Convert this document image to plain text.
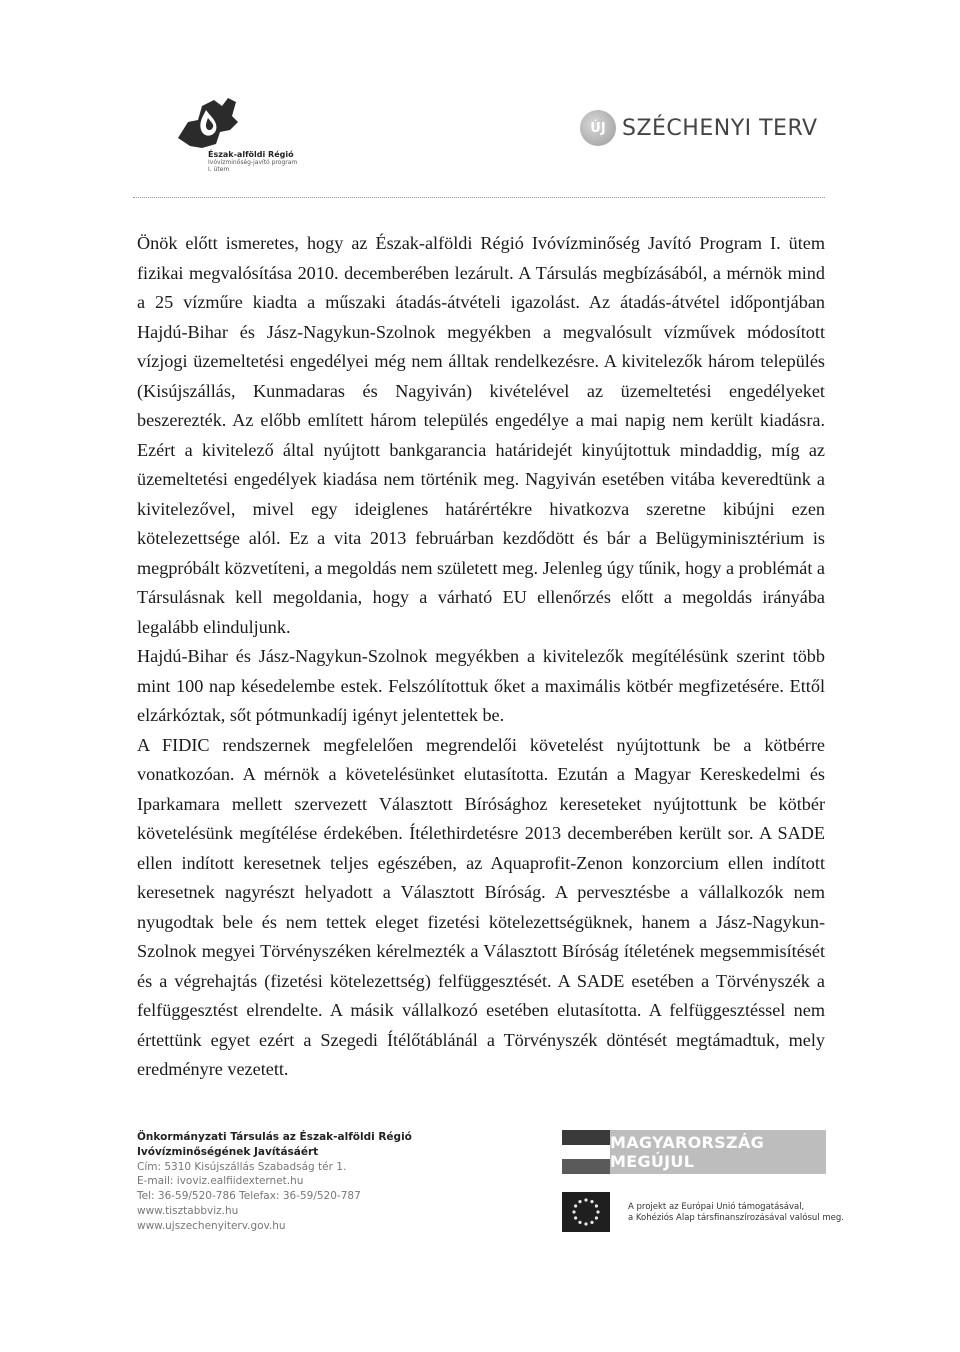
Észak-alföldi Régió
Ivóvízminőség-javító program
I. ütem
ÚJ SZÉCHENYI TERV
Önök előtt ismeretes, hogy az Észak-alföldi Régió Ivóvízminőség Javító Program I. ütem fizikai megvalósítása 2010. decemberében lezárult. A Társulás megbízásából, a mérnök mind a 25 vízműre kiadta a műszaki átadás-átvételi igazolást. Az átadás-átvétel időpontjában Hajdú-Bihar és Jász-Nagykun-Szolnok megyékben a megvalósult vízművek módosított vízjogi üzemeltetési engedélyei még nem álltak rendelkezésre. A kivitelezők három település (Kisújszállás, Kunmadaras és Nagyiván) kivételével az üzemeltetési engedélyeket beszerezték. Az előbb említett három település engedélye a mai napig nem került kiadásra. Ezért a kivitelező által nyújtott bankgarancia határidejét kinyújtottuk mindaddig, míg az üzemeltetési engedélyek kiadása nem történik meg. Nagyiván esetében vitába keveredtünk a kivitelezővel, mivel egy ideiglenes határértékre hivatkozva szeretne kibújni ezen kötelezettsége alól. Ez a vita 2013 februárban kezdődött és bár a Belügyminisztérium is megpróbált közvetíteni, a megoldás nem született meg. Jelenleg úgy tűnik, hogy a problémát a Társulásnak kell megoldania, hogy a várható EU ellenőrzés előtt a megoldás irányába legalább elinduljunk.
Hajdú-Bihar és Jász-Nagykun-Szolnok megyékben a kivitelezők megítélésünk szerint több mint 100 nap késedelembe estek. Felszólítottuk őket a maximális kötbér megfizetésére. Ettől elzárkóztak, sőt pótmunkadíj igényt jelentettek be.
A FIDIC rendszernek megfelelően megrendelői követelést nyújtottunk be a kötbérre vonatkozóan. A mérnök a követelésünket elutasította. Ezután a Magyar Kereskedelmi és Iparkamara mellett szervezett Választott Bírósághoz kereseteket nyújtottunk be kötbér követelésünk megítélése érdekében. Ítélethirdetésre 2013 decemberében került sor. A SADE ellen indított keresetnek teljes egészében, az Aquaprofit-Zenon konzorcium ellen indított keresetnek nagyrészt helyadott a Választott Bíróság. A pervesztésbe a vállalkozók nem nyugodtak bele és nem tettek eleget fizetési kötelezettségüknek, hanem a Jász-Nagykun-Szolnok megyei Törvényszéken kérelmezték a Választott Bíróság ítéletének megsemmisítését és a végrehajtás (fizetési kötelezettség) felfüggesztését. A SADE esetében a Törvényszék a felfüggesztést elrendelte. A másik vállalkozó esetében elutasította. A felfüggesztéssel nem értettünk egyet ezért a Szegedi Ítélőtáblánál a Törvényszék döntését megtámadtuk, mely eredményre vezetett.
Önkormányzati Társulás az Észak-alföldi Régió
Ivóvízminőségének Javításáért
Cím: 5310 Kisújszállás Szabadság tér 1.
E-mail: ivoviz.ealfiidexternet.hu
Tel: 36-59/520-786 Telefax: 36-59/520-787
www.tisztabbviz.hu
www.ujszechenyiterv.gov.hu
MAGYARORSZÁG MEGÚJUL
A projekt az Európai Unió támogatásával,
a Kohéziós Alap társfinanszírozásával valósul meg.
